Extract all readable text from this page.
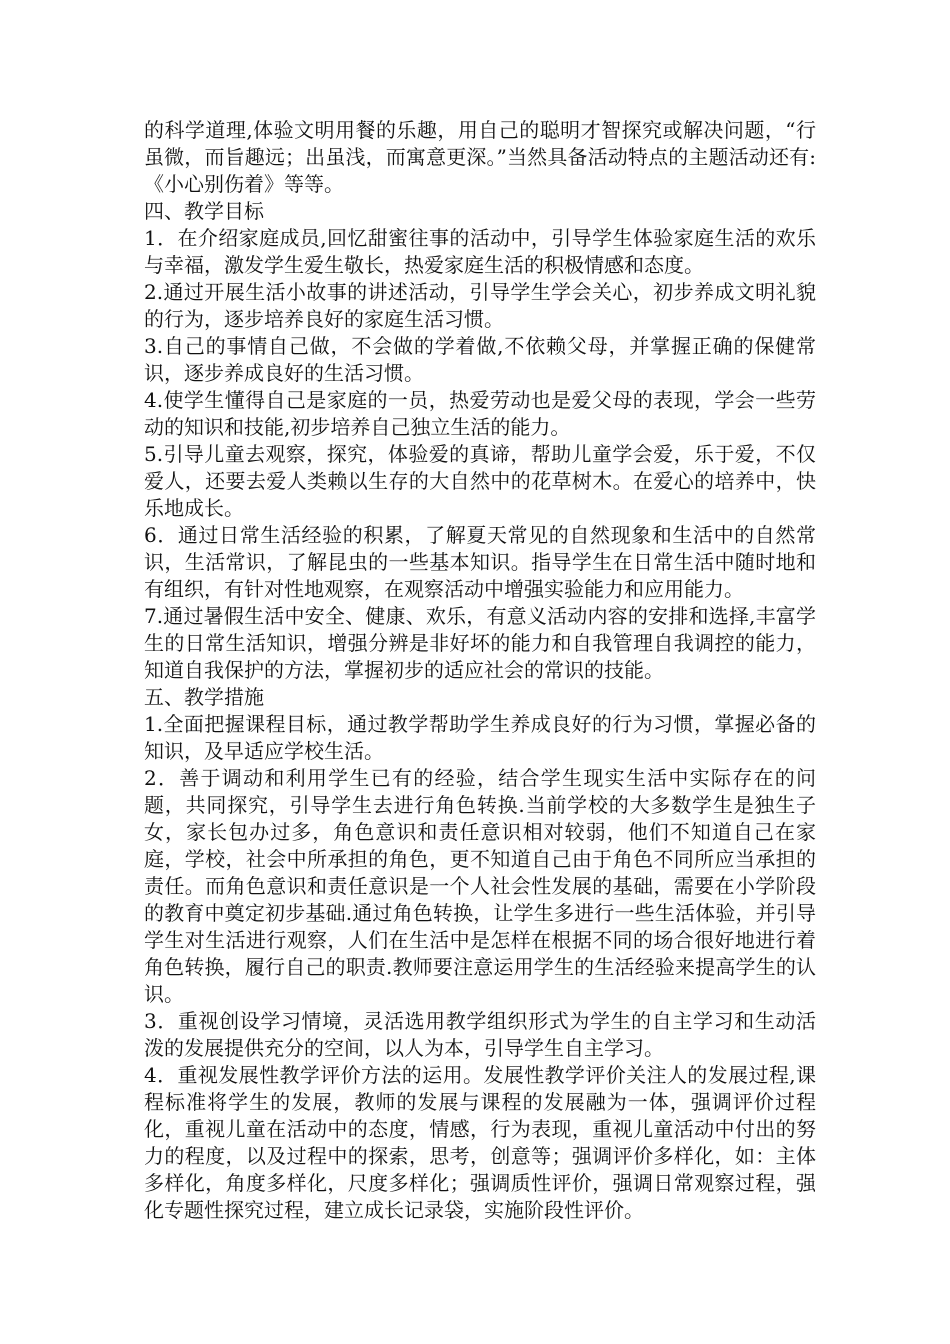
的科学道理,体验文明用餐的乐趣，用自己的聪明才智探究或解决问题，“行虽微，而旨趣远；出虽浅，而寓意更深。”当然具备活动特点的主题活动还有:《小心别伤着》等等。

四、教学目标

1．在介绍家庭成员,回忆甜蜜往事的活动中，引导学生体验家庭生活的欢乐与幸福，激发学生爱生敬长，热爱家庭生活的积极情感和态度。

2.通过开展生活小故事的讲述活动，引导学生学会关心，初步养成文明礼貌的行为，逐步培养良好的家庭生活习惯。

3.自己的事情自己做，不会做的学着做,不依赖父母，并掌握正确的保健常识，逐步养成良好的生活习惯。

4.使学生懂得自己是家庭的一员，热爱劳动也是爱父母的表现，学会一些劳动的知识和技能,初步培养自己独立生活的能力。

5.引导儿童去观察，探究，体验爱的真谛，帮助儿童学会爱，乐于爱，不仅爱人，还要去爱人类赖以生存的大自然中的花草树木。在爱心的培养中，快乐地成长。

6．通过日常生活经验的积累，了解夏天常见的自然现象和生活中的自然常识，生活常识，了解昆虫的一些基本知识。指导学生在日常生活中随时地和有组织，有针对性地观察，在观察活动中增强实验能力和应用能力。

7.通过暑假生活中安全、健康、欢乐，有意义活动内容的安排和选择,丰富学生的日常生活知识，增强分辨是非好坏的能力和自我管理自我调控的能力，知道自我保护的方法，掌握初步的适应社会的常识的技能。

五、教学措施

1.全面把握课程目标，通过教学帮助学生养成良好的行为习惯，掌握必备的知识，及早适应学校生活。

2．善于调动和利用学生已有的经验，结合学生现实生活中实际存在的问题，共同探究，引导学生去进行角色转换.当前学校的大多数学生是独生子女，家长包办过多，角色意识和责任意识相对较弱，他们不知道自己在家庭，学校，社会中所承担的角色，更不知道自己由于角色不同所应当承担的责任。而角色意识和责任意识是一个人社会性发展的基础，需要在小学阶段的教育中奠定初步基础.通过角色转换，让学生多进行一些生活体验，并引导学生对生活进行观察，人们在生活中是怎样在根据不同的场合很好地进行着角色转换，履行自己的职责.教师要注意运用学生的生活经验来提高学生的认识。

3．重视创设学习情境，灵活选用教学组织形式为学生的自主学习和生动活泼的发展提供充分的空间，以人为本，引导学生自主学习。

4．重视发展性教学评价方法的运用。发展性教学评价关注人的发展过程,课程标准将学生的发展，教师的发展与课程的发展融为一体，强调评价过程化，重视儿童在活动中的态度，情感，行为表现，重视儿童活动中付出的努力的程度，以及过程中的探索，思考，创意等；强调评价多样化，如：主体多样化，角度多样化，尺度多样化；强调质性评价，强调日常观察过程，强化专题性探究过程，建立成长记录袋，实施阶段性评价。
